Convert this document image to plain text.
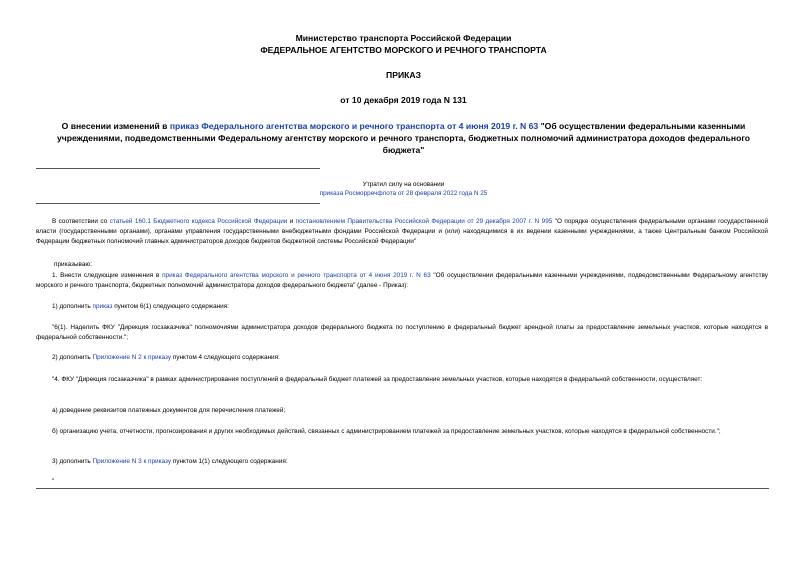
Министерство транспорта Российской Федерации
ФЕДЕРАЛЬНОЕ АГЕНТСТВО МОРСКОГО И РЕЧНОГО ТРАНСПОРТА
ПРИКАЗ
от 10 декабря 2019 года N 131
О внесении изменений в приказ Федерального агентства морского и речного транспорта от 4 июня 2019 г. N 63 "Об осуществлении федеральными казенными учреждениями, подведомственными Федеральному агентству морского и речного транспорта, бюджетных полномочий администратора доходов федерального бюджета"
Утратил силу на основании
приказа Росморречфлота от 28 февраля 2022 года N 25
В соответствии со статьей 160.1 Бюджетного кодекса Российской Федерации и постановлением Правительства Российской Федерации от 29 декабря 2007 г. N 995 "О порядке осуществления федеральными органами государственной власти (государственными органами), органами управления государственными внебюджетными фондами Российской Федерации и (или) находящимися в их ведении казенными учреждениями, а также Центральным банком Российской Федерации бюджетных полномочий главных администраторов доходов бюджетов бюджетной системы Российской Федерации"
приказываю:
1. Внести следующие изменения в приказ Федерального агентства морского и речного транспорта от 4 июня 2019 г. N 63 "Об осуществлении федеральными казенными учреждениями, подведомственными Федеральному агентству морского и речного транспорта, бюджетных полномочий администратора доходов федерального бюджета" (далее - Приказ):
1) дополнить приказ пунктом 6(1) следующего содержания:
"6(1). Наделить ФКУ "Дирекция госзаказчика" полномочиями администратора доходов федерального бюджета по поступлению в федеральный бюджет арендной платы за предоставление земельных участков, которые находятся в федеральной собственности.";
2) дополнить Приложение N 2 к приказу пунктом 4 следующего содержания:
"4. ФКУ "Дирекция госзаказчика" в рамках администрирования поступлений в федеральный бюджет платежей за предоставление земельных участков, которые находятся в федеральной собственности, осуществляет:
а) доведение реквизитов платежных документов для перечисления платежей;
б) организацию учета, отчетности, прогнозирования и других необходимых действий, связанных с администрированием платежей за предоставление земельных участков, которые находятся в федеральной собственности.";
3) дополнить Приложение N 3 к приказу пунктом 1(1) следующего содержания:
"
